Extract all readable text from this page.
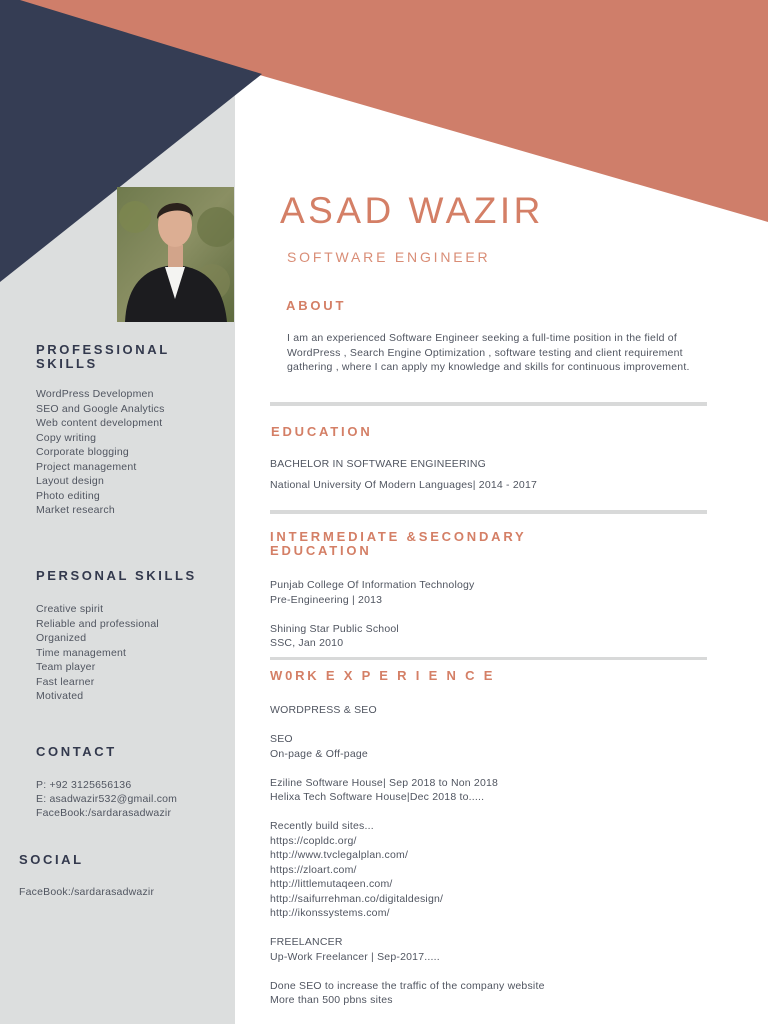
ASAD WAZIR
SOFTWARE ENGINEER
ABOUT
I am an experienced Software Engineer seeking a full-time position in the field of WordPress , Search Engine Optimization , software testing and client requirement gathering , where I can apply my knowledge and skills for continuous improvement.
EDUCATION
BACHELOR IN SOFTWARE ENGINEERING
National University Of Modern Languages| 2014 - 2017
INTERMEDIATE &SECONDARY
EDUCATION
Punjab College Of Information Technology
Pre-Engineering | 2013
Shining Star Public School
SSC, Jan 2010
W0RK E X P E R I E N C E
WORDPRESS & SEO
SEO
On-page & Off-page
Eziline Software House| Sep 2018 to Non 2018
Helixa Tech Software House|Dec 2018 to.....
Recently build sites...
https://copldc.org/
http://www.tvclegalplan.com/
https://zloart.com/
http://littlemutaqeen.com/
http://saifurrehman.co/digitaldesign/
http://ikonssystems.com/
FREELANCER
Up-Work Freelancer | Sep-2017.....
Done SEO to increase the traffic of the company website
More than 500 pbns sites
PROFESSIONAL
SKILLS
WordPress Developmen
SEO and Google Analytics
Web content development
Copy writing
Corporate blogging
Project management
Layout design
Photo editing
Market research
PERSONAL SKILLS
Creative spirit
Reliable and professional
Organized
Time management
Team player
Fast learner
Motivated
CONTACT
P: +92 3125656136
E: asadwazir532@gmail.com
FaceBook:/sardarasadwazir
SOCIAL
FaceBook:/sardarasadwazir
